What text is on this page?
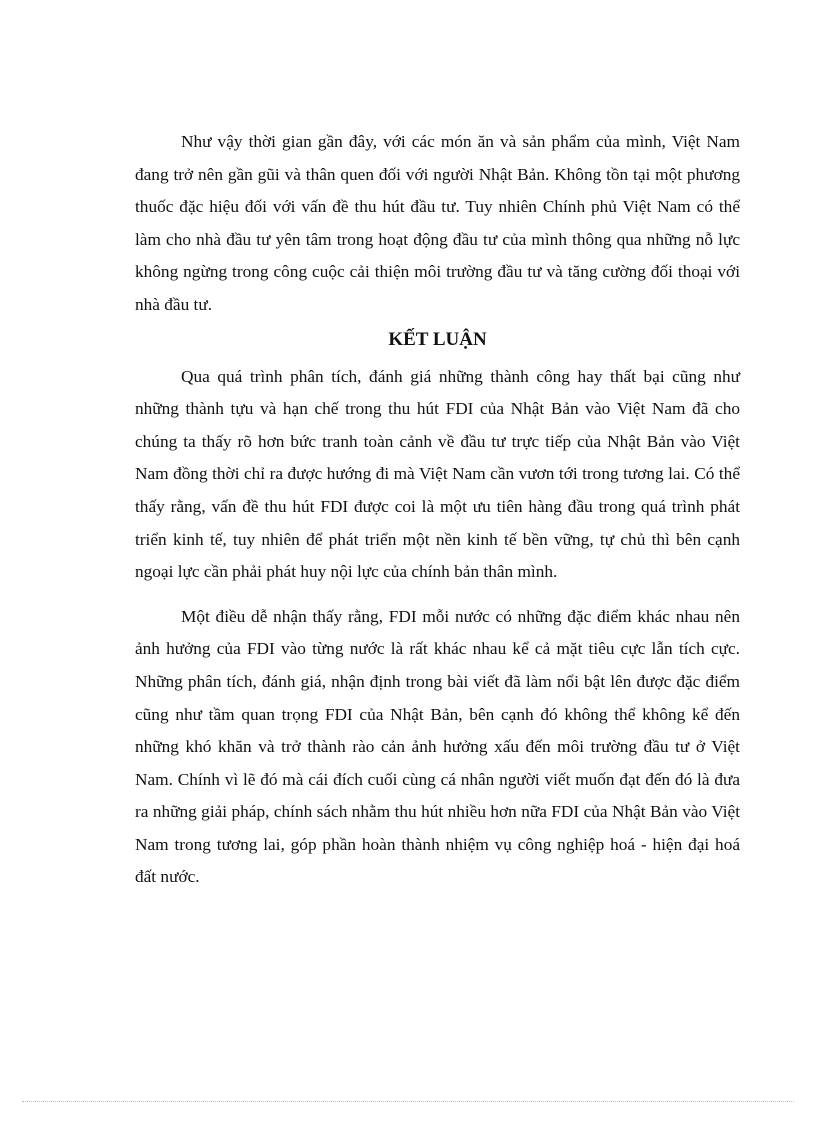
Như vậy thời gian gần đây, với các món ăn và sản phẩm của mình, Việt Nam đang trở nên gần gũi và thân quen đối với người Nhật Bản. Không tồn tại một phương thuốc đặc hiệu đối với vấn đề thu hút đầu tư. Tuy nhiên Chính phủ Việt Nam có thể làm cho nhà đầu tư yên tâm trong hoạt động đầu tư của mình thông qua những nỗ lực không ngừng trong công cuộc cải thiện môi trường đầu tư và tăng cường đối thoại với nhà đầu tư.

KẾT LUẬN

Qua quá trình phân tích, đánh giá những thành công hay thất bại cũng như những thành tựu và hạn chế trong thu hút FDI của Nhật Bản vào Việt Nam đã cho chúng ta thấy rõ hơn bức tranh toàn cảnh về đầu tư trực tiếp của Nhật Bản vào Việt Nam đồng thời chỉ ra được hướng đi mà Việt Nam cần vươn tới trong tương lai. Có thể thấy rằng, vấn đề thu hút FDI được coi là một ưu tiên hàng đầu trong quá trình phát triển kinh tế, tuy nhiên để phát triển một nền kinh tế bền vững, tự chủ thì bên cạnh ngoại lực cần phải phát huy nội lực của chính bản thân mình.

Một điều dễ nhận thấy rằng, FDI mỗi nước có những đặc điểm khác nhau nên ảnh hưởng của FDI vào từng nước là rất khác nhau kể cả mặt tiêu cực lẫn tích cực. Những phân tích, đánh giá, nhận định trong bài viết đã làm nổi bật lên được đặc điểm cũng như tầm quan trọng FDI của Nhật Bản, bên cạnh đó không thể không kể đến những khó khăn và trở thành rào cản ảnh hưởng xấu đến môi trường đầu tư ở Việt Nam. Chính vì lẽ đó mà cái đích cuối cùng cá nhân người viết muốn đạt đến đó là đưa ra những giải pháp, chính sách nhằm thu hút nhiều hơn nữa FDI của Nhật Bản vào Việt Nam trong tương lai, góp phần hoàn thành nhiệm vụ công nghiệp hoá - hiện đại hoá đất nước.
